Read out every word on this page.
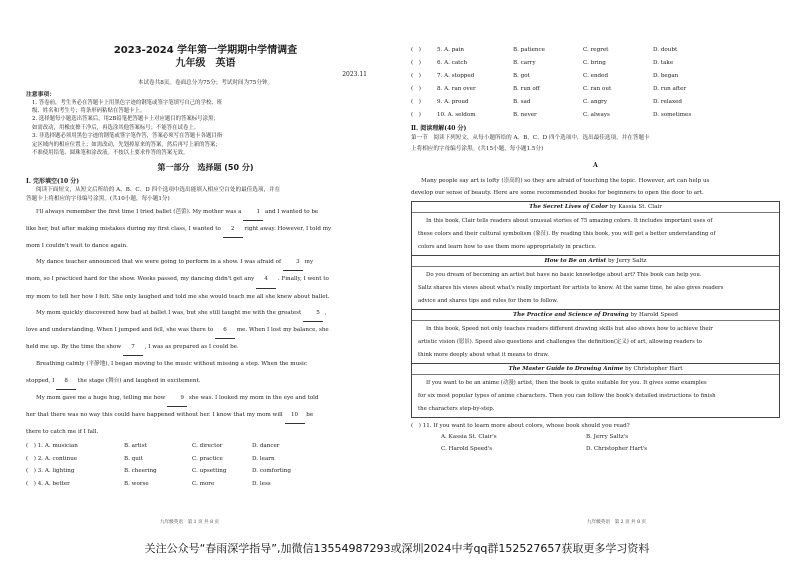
2023-2024 学年第一学期期中学情调查
九年级　英语
2023.11

本试卷共8页。卷面总分为75分；考试时间为75分钟。

注意事项：

1. 答卷前，考生务必在答题卡上用黑色字迹的钢笔或签字笔填写自己的学校、班

级、姓名和考生号；将条形码粘贴在答题卡上。

2. 选择题每小题选出答案后，用2B铅笔把答题卡上对应题目的答案标号涂黑；

如需改动，用橡皮擦干净后，再选涂其他答案标号；不能答在试卷上。

3. 非选择题必须用黑色字迹的钢笔或签字笔作答，答案必须写在答题卡各题目指

定区域内的相应位置上；如需改动，先划掉原来的答案，然后再写上新的答案；

不准使用铅笔、圆珠笔和涂改液。不按以上要求作答的答案无效。

第一部分　选择题 (50 分)
Ⅰ. 完形填空(10 分)

阅读下面短文，从短文后所给的 A、B、C、D 四个选项中选出能填入相应空白处的最佳选项，并在

答题卡上将相应的字母编号涂黑。(共10小题，每小题1分)

I'll always remember the first time I tried ballet (芭蕾). My mother was a	1 and I wanted to be

like her, but after making mistakes during my first class, I wanted to 2 right away. However, I told my

mom I couldn't wait to dance again.

My dance teacher announced that we were going to perform in a show. I was afraid of	3 my

mom, so I practiced hard for the show. Weeks passed, my dancing didn't get any 4 . Finally, I went to

my mom to tell her how I felt. She only laughed and told me she would teach me all she knew about ballet.

My mom quickly discovered how bad at ballet I was, but she still taught me with the greatest	5 ,

love and understanding. When I jumped and fell, she was there to 6 me. When I lost my balance, she

held me up. By the time the show 7 , I was as prepared as I could be.

Breathing calmly (平静地), I began moving to the music without missing a step. When the music

stopped, I 8 the stage (舞台) and laughed in excitement.

My mom gave me a huge hug, telling me how	9 she was. I looked my mom in the eye and told

her that there was no way this could have happened without her. I know that my mom will 10 be

there to catch me if I fall.

(　) 1. A. musician	B. artist	C. director	D. dancer
(　) 2. A. continue	B. quit	C. practice	D. learn
(　) 3. A. lighting	B. cheering	C. upsetting	D. comforting
(　) 4. A. better	B. worse	C. more	D. less
九年级英语　第 1 页 共 8 页
(　)	5. A. pain	B. patience	C. regret	D. doubt
(　)	6. A. catch	B. carry	C. bring	D. take
(　)	7. A. stopped	B. got	C. ended	D. began
(　)	8. A. ran over	B. run off	C. ran out	D. run after
(　)	9. A. proud	B. sad	C. angry	D. relaxed
(　)	10. A. seldom	B. never	C. always	D. sometimes
Ⅱ. 阅读理解(40 分)

第一节　阅读下列短文，从每小题所给的 A、B、C、D 四个选项中，选出最佳选项，并在答题卡

上将相应的字母编号涂黑。(共15小题，每小题1.5分)

A

Many people say art is lofty (崇高的) so they are afraid of touching the topic. However, art can help us

develop our sense of beauty. Here are some recommended books for beginners to open the door to art.

The Secret Lives of Color by Kassia St. Clair
In this book, Clair tells readers about unusual stories of 75 amazing colors. It includes important uses of
these colors and their cultural symbolism (象征). By reading this book, you will get a better understanding of
colors and learn how to use them more appropriately in practice.
How to Be an Artist by Jerry Saltz
Do you dream of becoming an artist but have no basic knowledge about art? This book can help you.
Saltz shares his views about what's really important for artists to know. At the same time, he also gives readers
advice and shares tips and rules for them to follow.
The Practice and Science of Drawing by Harold Speed
In this book, Speed not only teaches readers different drawing skills but also shows how to achieve their
artistic vision (愿景). Speed also questions and challenges the definition(定义) of art, allowing readers to
think more deeply about what it means to draw.
The Master Guide to Drawing Anime by Christopher Hart
If you want to be an anime (动漫) artist, then the book is quite suitable for you. It gives some examples
for six most popular types of anime characters. Then you can follow the book's detailed instructions to finish
the characters step-by-step.
(　) 11. If you want to learn more about colors, whose book should you read?
A. Kassia St. Clair's	B. Jerry Saltz's
C. Harold Speed's	D. Christopher Hart's
九年级英语　第 2 页 共 8 页
关注公众号“春雨深学指导”,加微信13554987293或深圳2024中考qq群152527657获取更多学习资料
